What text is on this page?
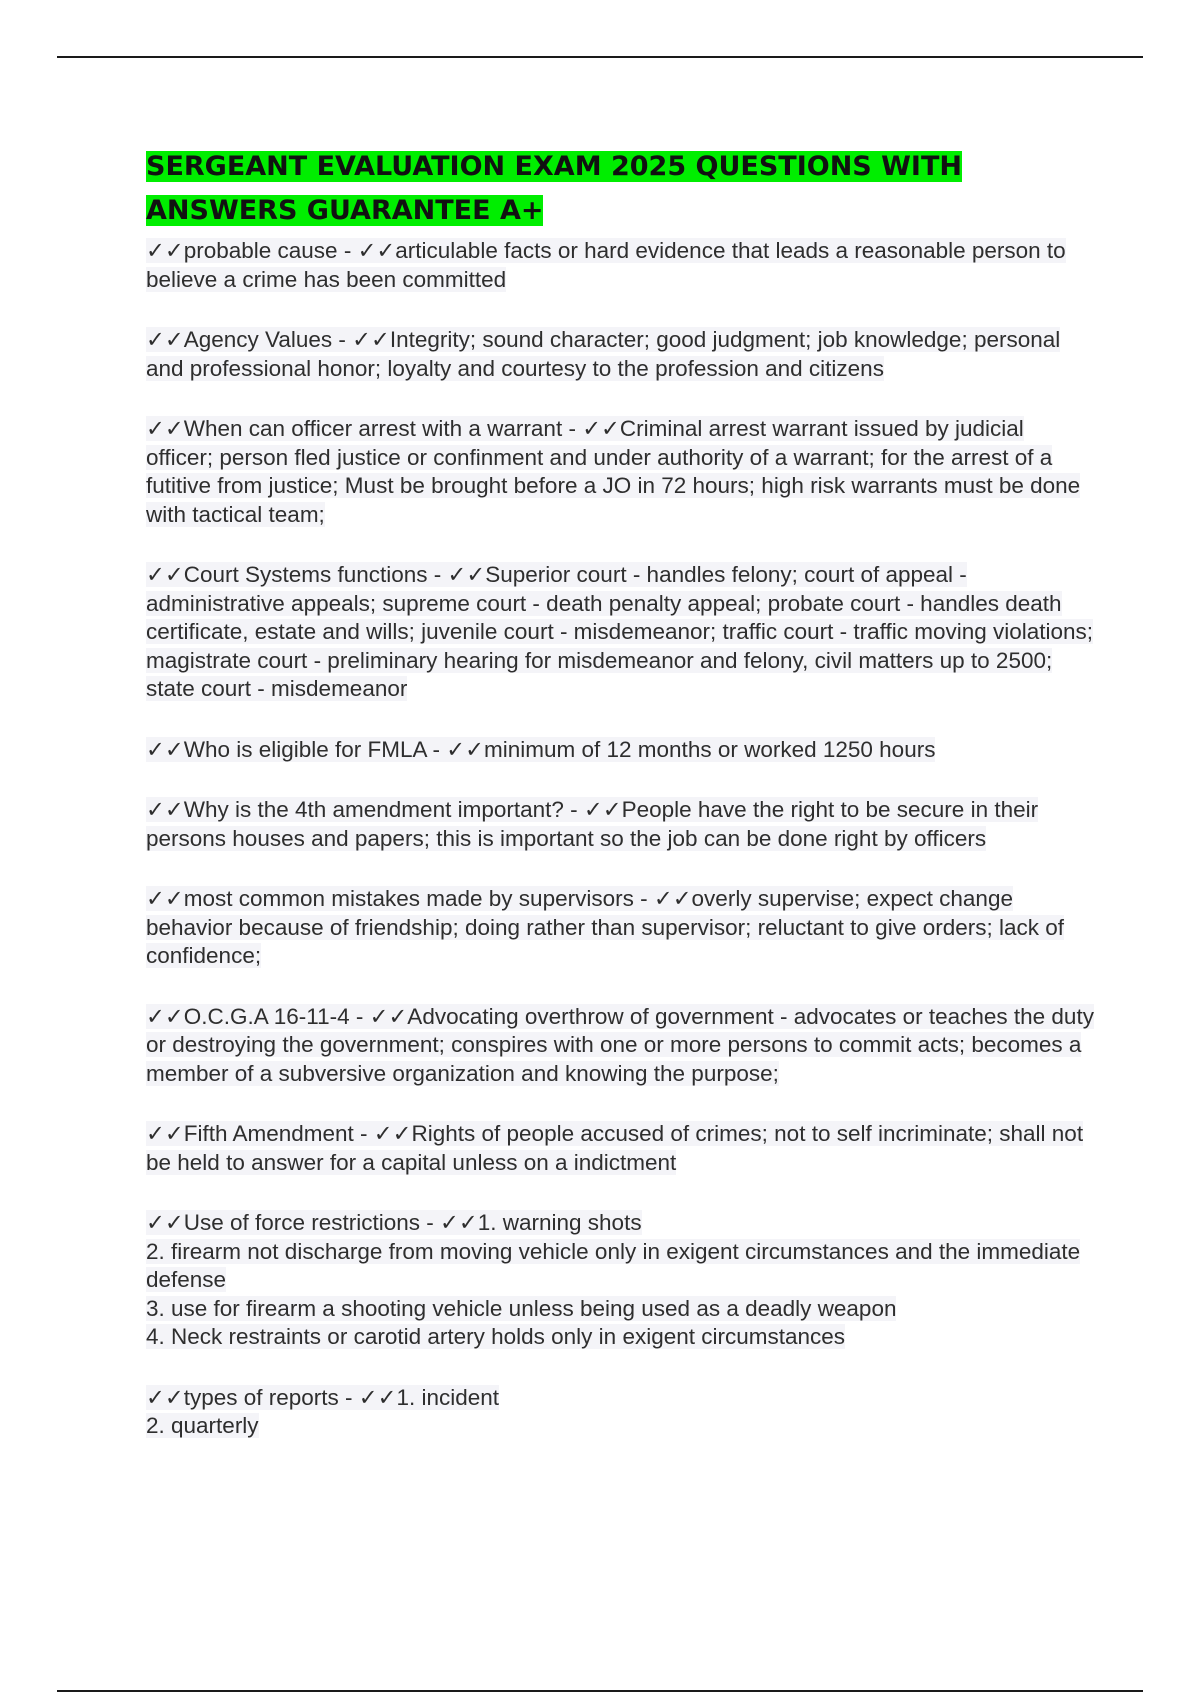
SERGEANT EVALUATION EXAM 2025 QUESTIONS WITH ANSWERS GUARANTEE A+

✓✓probable cause - ✓✓articulable facts or hard evidence that leads a reasonable person to believe a crime has been committed

✓✓Agency Values - ✓✓Integrity; sound character; good judgment; job knowledge; personal and professional honor; loyalty and courtesy to the profession and citizens

✓✓When can officer arrest with a warrant - ✓✓Criminal arrest warrant issued by judicial officer; person fled justice or confinment and under authority of a warrant; for the arrest of a futitive from justice; Must be brought before a JO in 72 hours; high risk warrants must be done with tactical team;

✓✓Court Systems functions - ✓✓Superior court - handles felony; court of appeal - administrative appeals; supreme court - death penalty appeal; probate court - handles death certificate, estate and wills; juvenile court - misdemeanor; traffic court - traffic moving violations; magistrate court - preliminary hearing for misdemeanor and felony, civil matters up to 2500; state court - misdemeanor

✓✓Who is eligible for FMLA - ✓✓minimum of 12 months or worked 1250 hours

✓✓Why is the 4th amendment important? - ✓✓People have the right to be secure in their persons houses and papers; this is important so the job can be done right by officers

✓✓most common mistakes made by supervisors - ✓✓overly supervise; expect change behavior because of friendship; doing rather than supervisor; reluctant to give orders; lack of confidence;

✓✓O.C.G.A 16-11-4 - ✓✓Advocating overthrow of government - advocates or teaches the duty or destroying the government; conspires with one or more persons to commit acts; becomes a member of a subversive organization and knowing the purpose;

✓✓Fifth Amendment - ✓✓Rights of people accused of crimes; not to self incriminate; shall not be held to answer for a capital unless on a indictment

✓✓Use of force restrictions - ✓✓1. warning shots
2. firearm not discharge from moving vehicle only in exigent circumstances and the immediate defense
3. use for firearm a shooting vehicle unless being used as a deadly weapon
4. Neck restraints or carotid artery holds only in exigent circumstances

✓✓types of reports - ✓✓1. incident
2. quarterly
